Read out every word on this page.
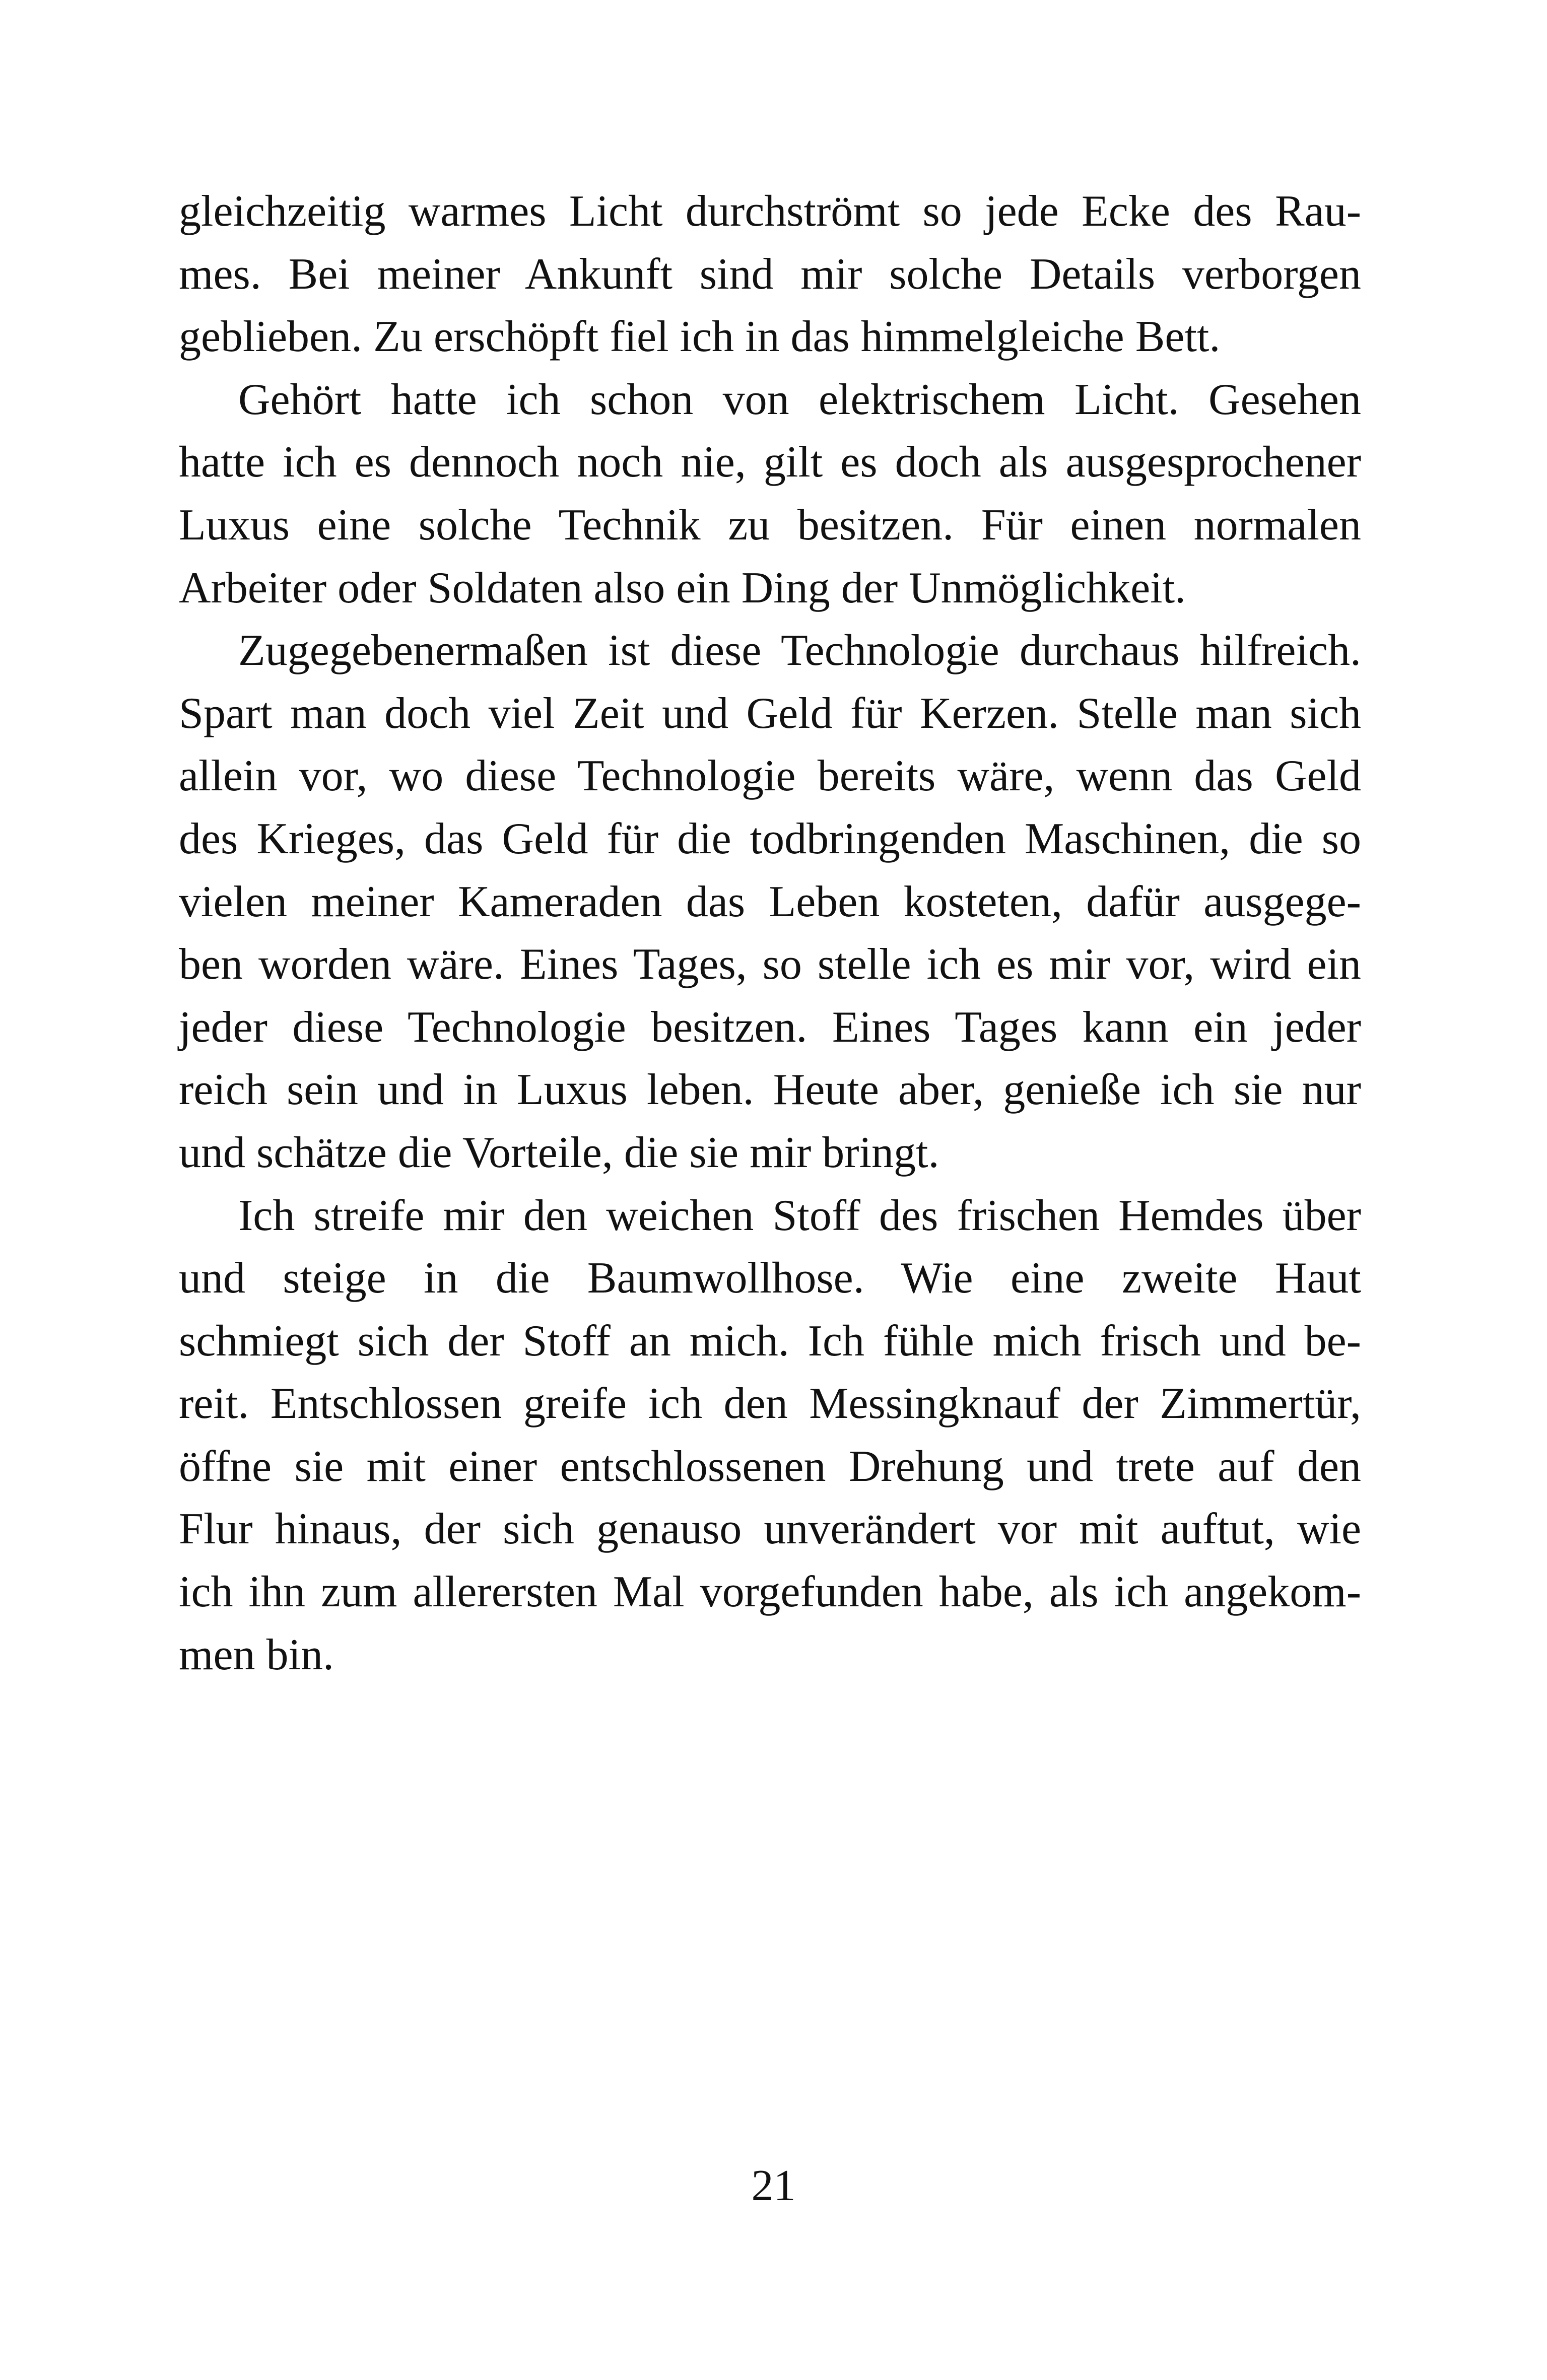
gleichzeitig warmes Licht durchströmt so jede Ecke des Rau-
mes. Bei meiner Ankunft sind mir solche Details verborgen
geblieben. Zu erschöpft fiel ich in das himmelgleiche Bett.

Gehört hatte ich schon von elektrischem Licht. Gesehen
hatte ich es dennoch noch nie, gilt es doch als ausgesprochener
Luxus eine solche Technik zu besitzen. Für einen normalen
Arbeiter oder Soldaten also ein Ding der Unmöglichkeit.

Zugegebenermaßen ist diese Technologie durchaus hilfreich.
Spart man doch viel Zeit und Geld für Kerzen. Stelle man sich
allein vor, wo diese Technologie bereits wäre, wenn das Geld
des Krieges, das Geld für die todbringenden Maschinen, die so
vielen meiner Kameraden das Leben kosteten, dafür ausgege-
ben worden wäre. Eines Tages, so stelle ich es mir vor, wird ein
jeder diese Technologie besitzen. Eines Tages kann ein jeder
reich sein und in Luxus leben. Heute aber, genieße ich sie nur
und schätze die Vorteile, die sie mir bringt.

Ich streife mir den weichen Stoff des frischen Hemdes über
und steige in die Baumwollhose. Wie eine zweite Haut
schmiegt sich der Stoff an mich. Ich fühle mich frisch und be-
reit. Entschlossen greife ich den Messingknauf der Zimmertür,
öffne sie mit einer entschlossenen Drehung und trete auf den
Flur hinaus, der sich genauso unverändert vor mit auftut, wie
ich ihn zum allerersten Mal vorgefunden habe, als ich angekom-
men bin.

21
